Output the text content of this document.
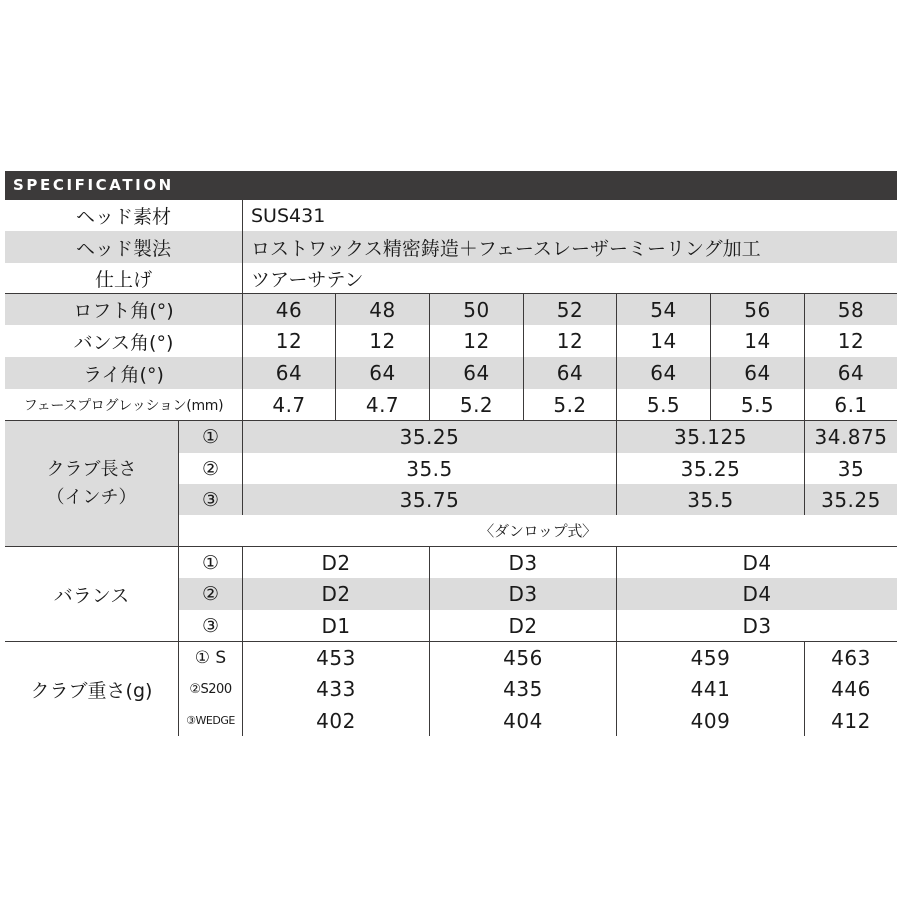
SPECIFICATION
ヘッド素材	SUS431
ヘッド製法	ロストワックス精密鋳造＋フェースレーザーミーリング加工
仕上げ	ツアーサテン
ロフト角(°)	46	48	50	52	54	56	58
バンス角(°)	12	12	12	12	14	14	12
ライ角(°)	64	64	64	64	64	64	64
フェースプログレッション(mm)	4.7	4.7	5.2	5.2	5.5	5.5	6.1
クラブ長さ
（インチ）
①	35.25	35.125	34.875
②	35.5	35.25	35
③	35.75	35.5	35.25
〈ダンロップ式〉
バランス
①	D2	D3	D4
②	D2	D3	D4
③	D1	D2	D3
クラブ重さ(g)
① S	453	456	459	463
②S200	433	435	441	446
③WEDGE	402	404	409	412
